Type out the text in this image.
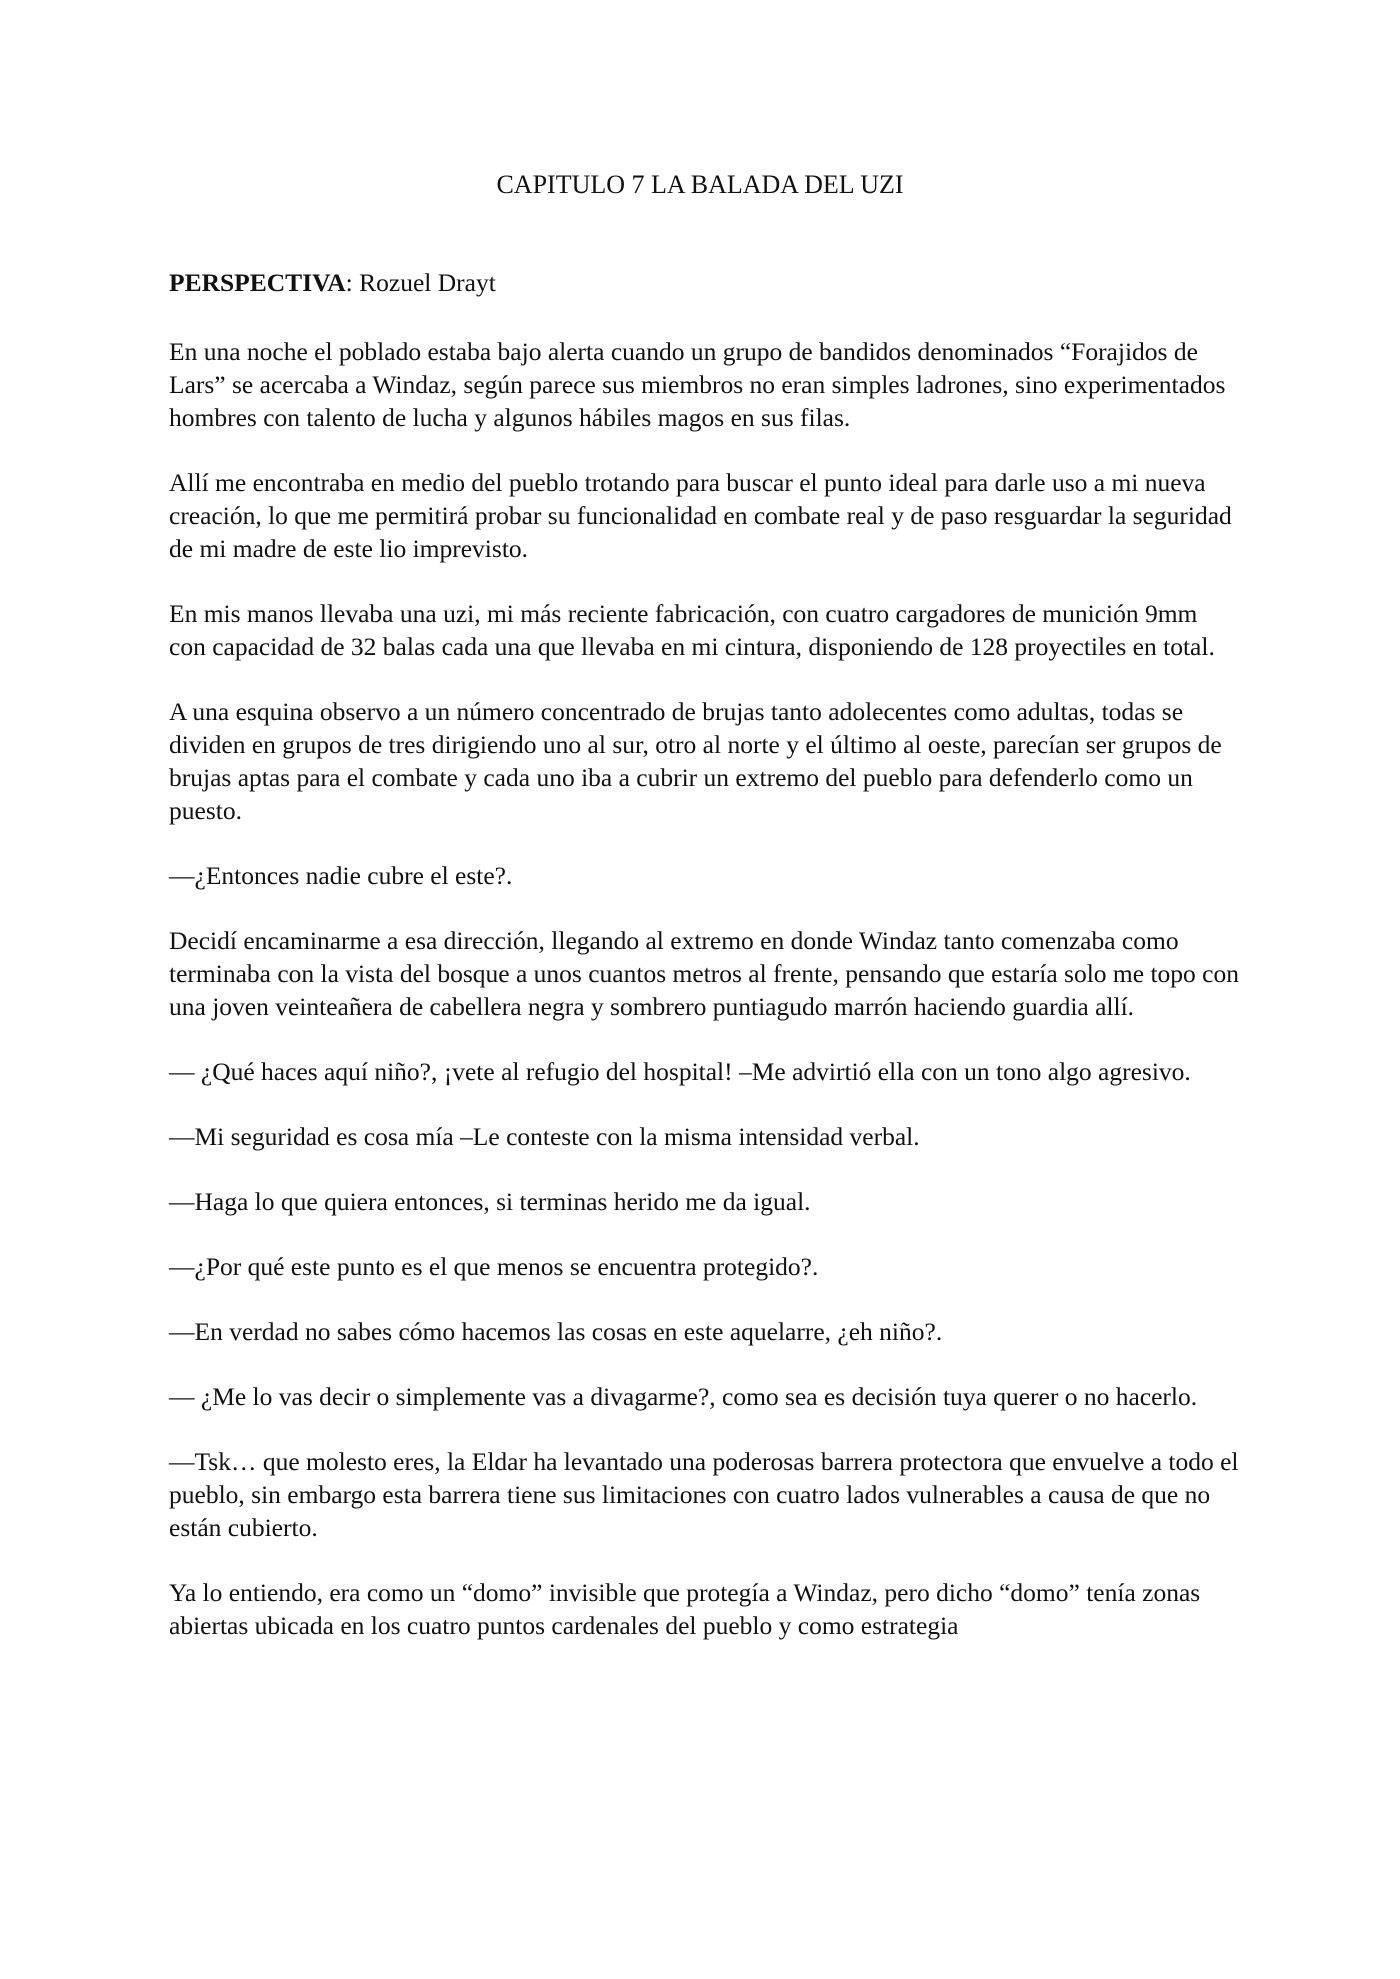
CAPITULO 7 LA BALADA DEL UZI

PERSPECTIVA: Rozuel Drayt

En una noche el poblado estaba bajo alerta cuando un grupo de bandidos denominados “Forajidos de Lars” se acercaba a Windaz, según parece sus miembros no eran simples ladrones, sino experimentados hombres con talento de lucha y algunos hábiles magos en sus filas.

Allí me encontraba en medio del pueblo trotando para buscar el punto ideal para darle uso a mi nueva creación, lo que me permitirá probar su funcionalidad en combate real y de paso resguardar la seguridad de mi madre de este lio imprevisto.

En mis manos llevaba una uzi, mi más reciente fabricación, con cuatro cargadores de munición 9mm con capacidad de 32 balas cada una que llevaba en mi cintura, disponiendo de 128 proyectiles en total.

A una esquina observo a un número concentrado de brujas tanto adolecentes como adultas, todas se dividen en grupos de tres dirigiendo uno al sur, otro al norte y el último al oeste, parecían ser grupos de brujas aptas para el combate y cada uno iba a cubrir un extremo del pueblo para defenderlo como un puesto.

—¿Entonces nadie cubre el este?.

Decidí encaminarme a esa dirección, llegando al extremo en donde Windaz tanto comenzaba como terminaba con la vista del bosque a unos cuantos metros al frente, pensando que estaría solo me topo con una joven veinteañera de cabellera negra y sombrero puntiagudo marrón haciendo guardia allí.

— ¿Qué haces aquí niño?, ¡vete al refugio del hospital! –Me advirtió ella con un tono algo agresivo.

—Mi seguridad es cosa mía –Le conteste con la misma intensidad verbal.

—Haga lo que quiera entonces, si terminas herido me da igual.

—¿Por qué este punto es el que menos se encuentra protegido?.

—En verdad no sabes cómo hacemos las cosas en este aquelarre, ¿eh niño?.

— ¿Me lo vas decir o simplemente vas a divagarme?, como sea es decisión tuya querer o no hacerlo.

—Tsk… que molesto eres, la Eldar ha levantado una poderosas barrera protectora que envuelve a todo el pueblo, sin embargo esta barrera tiene sus limitaciones con cuatro lados vulnerables a causa de que no están cubierto.

Ya lo entiendo, era como un “domo” invisible que protegía a Windaz, pero dicho “domo” tenía zonas abiertas ubicada en los cuatro puntos cardenales del pueblo y como estrategia
